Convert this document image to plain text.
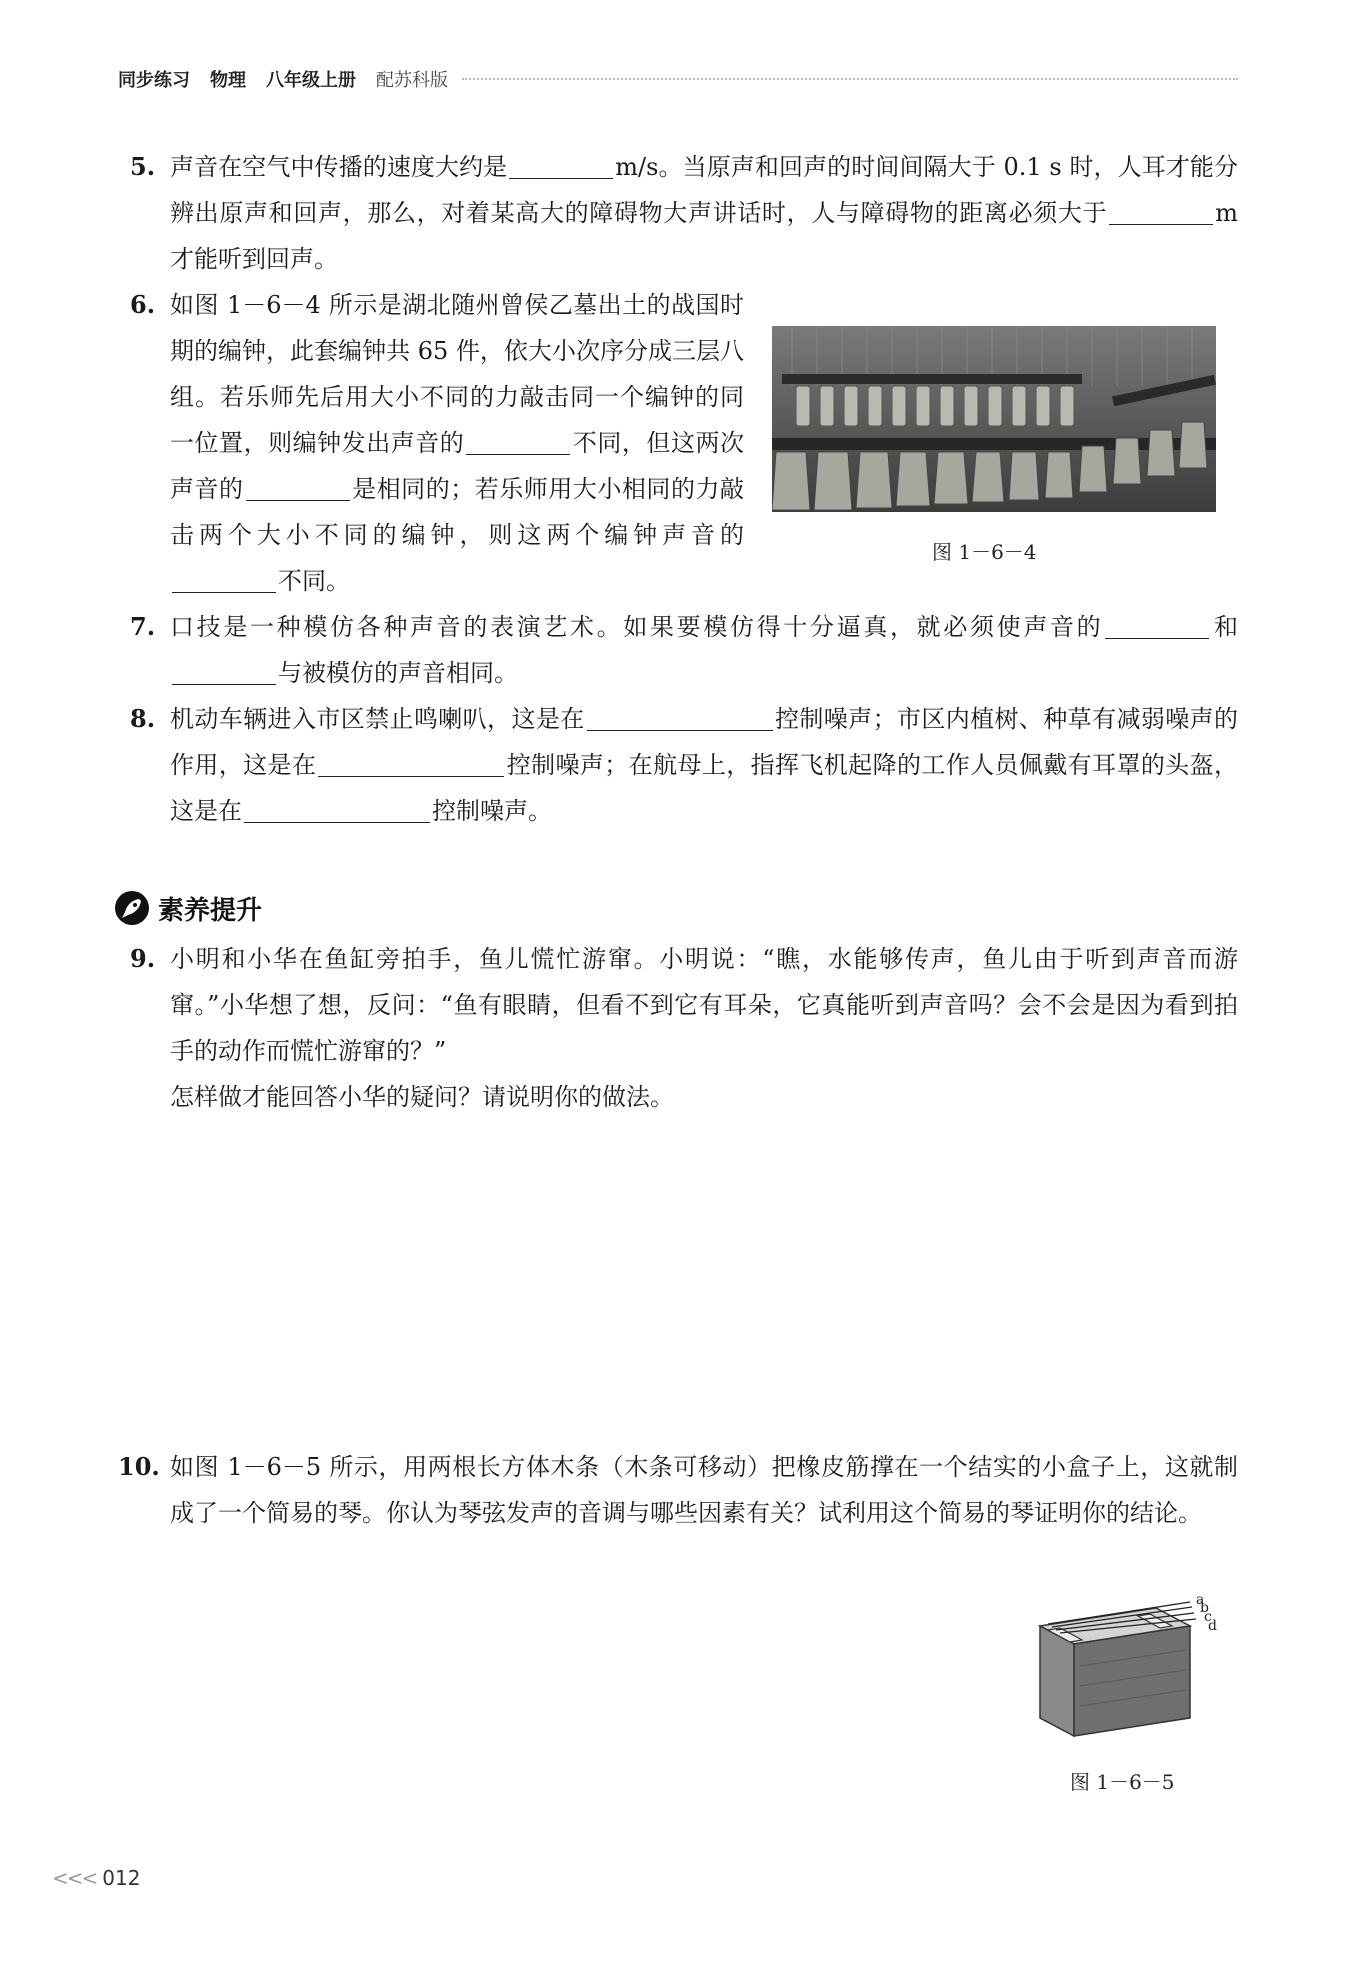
同步练习 物理 八年级上册 配苏科版
5. 声音在空气中传播的速度大约是	m/s。当原声和回声的时间间隔大于 0.1 s 时，人耳才能分辨出原声和回声，那么，对着某高大的障碍物大声讲话时，人与障碍物的距离必须大于	m 才能听到回声。
6. 如图 1－6－4 所示是湖北随州曾侯乙墓出土的战国时期的编钟，此套编钟共 65 件，依大小次序分成三层八组。若乐师先后用大小不同的力敲击同一个编钟的同一位置，则编钟发出声音的	不同，但这两次声音的	是相同的；若乐师用大小相同的力敲击两个大小不同的编钟，则这两个编钟声音的不同。
图 1－6－4
7. 口技是一种模仿各种声音的表演艺术。如果要模仿得十分逼真，就必须使声音的	和与被模仿的声音相同。
8. 机动车辆进入市区禁止鸣喇叭，这是在	控制噪声；市区内植树、种草有减弱噪声的作用，这是在	控制噪声；在航母上，指挥飞机起降的工作人员佩戴有耳罩的头盔，这是在	控制噪声。
素养提升
9. 小明和小华在鱼缸旁拍手，鱼儿慌忙游窜。小明说：“瞧，水能够传声，鱼儿由于听到声音而游窜。”小华想了想，反问：“鱼有眼睛，但看不到它有耳朵，它真能听到声音吗？会不会是因为看到拍手的动作而慌忙游窜的？”
怎样做才能回答小华的疑问？请说明你的做法。
10. 如图 1－6－5 所示，用两根长方体木条（木条可移动）把橡皮筋撑在一个结实的小盒子上，这就制成了一个简易的琴。你认为琴弦发声的音调与哪些因素有关？试利用这个简易的琴证明你的结论。
a
b
c
d
图 1－6－5
<<< 012
